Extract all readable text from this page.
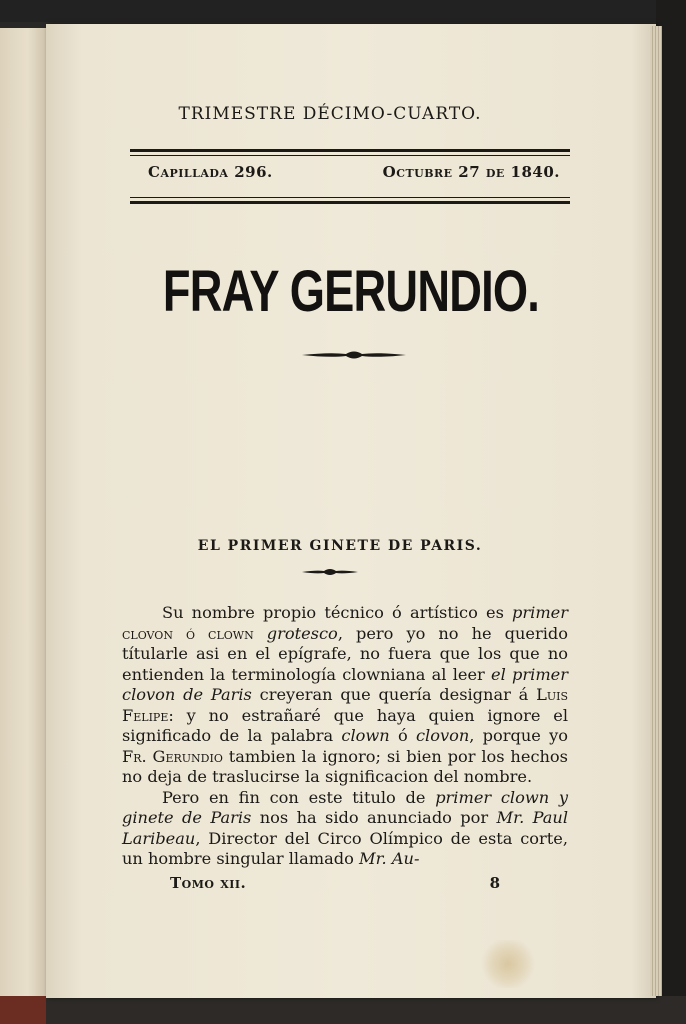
TRIMESTRE DÉCIMO-CUARTO.
Capillada 296.	Octubre 27 de 1840.
FRAY GERUNDIO.
EL PRIMER GINETE DE PARIS.

Su nombre propio técnico ó artístico es primer clovon ó clown grotesco, pero yo no he querido títularle asi en el epígrafe, no fuera que los que no entienden la terminología clowniana al leer el primer clovon de Paris creyeran que quería designar á Luis Felipe: y no estrañaré que haya quien ignore el significado de la palabra clown ó clovon, porque yo Fr. Gerundio tambien la ignoro; si bien por los hechos no deja de traslucirse la significacion del nombre.

Pero en fin con este titulo de primer clown y ginete de Paris nos ha sido anunciado por Mr. Paul Laribeau, Director del Circo Olímpico de esta corte, un hombre singular llamado Mr. Au-

Tomo xii.	8
